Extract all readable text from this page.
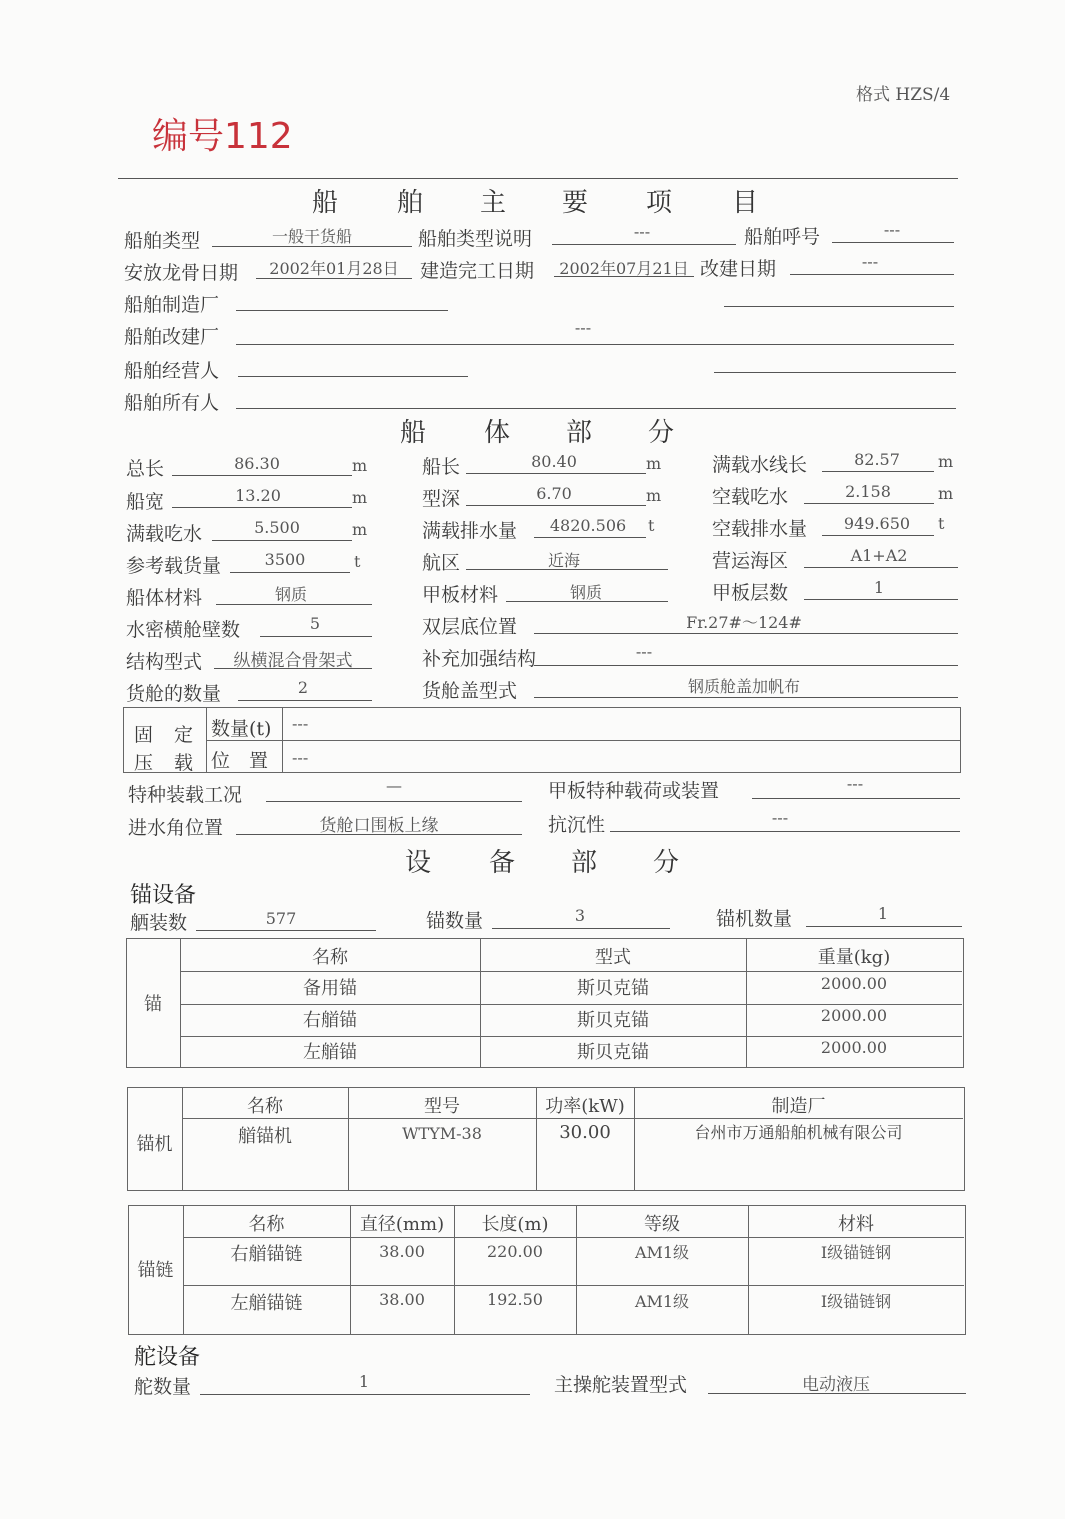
格式 HZS/4
编号112
船 舶 主 要 项 目
船舶类型	一般干货船	船舶类型说明	---	船舶呼号	---
安放龙骨日期	2002年01月28日	建造完工日期	2002年07月21日 改建日期	---
船舶制造厂
船舶改建厂	---
船舶经营人
船舶所有人
船 体 部 分
总长	86.30	m	船长	80.40	m	满载水线长	82.57	m
船宽	13.20	m	型深	6.70	m	空载吃水	2.158	m
满载吃水	5.500	m	满载排水量	4820.506	t	空载排水量	949.650	t
参考载货量	3500	t	航区	近海	营运海区	A1+A2
船体材料	钢质	甲板材料	钢质	甲板层数	1
水密横舱壁数	5	双层底位置	Fr.27#～124#
结构型式	纵横混合骨架式	补充加强结构	---
货舱的数量	2	货舱盖型式	钢质舱盖加帆布
固 定
压 载
数量(t) ---
位　置 ---
特种装载工况	—	甲板特种载荷或装置	---
进水角位置	货舱口围板上缘	抗沉性	---
设 备 部 分
锚设备
舾装数	577	锚数量	3	锚机数量	1
锚
名称	型式	重量(kg)
备用锚	斯贝克锚	2000.00
右艏锚	斯贝克锚	2000.00
左艏锚	斯贝克锚	2000.00
锚机
名称	型号	功率(kW)	制造厂
艏锚机	WTYM-38	30.00	台州市万通船舶机械有限公司
锚链
名称	直径(mm)	长度(m)	等级	材料
右艏锚链	38.00	220.00	AM1级	I级锚链钢
左艏锚链	38.00	192.50	AM1级	I级锚链钢
舵设备
舵数量	1	主操舵装置型式	电动液压
